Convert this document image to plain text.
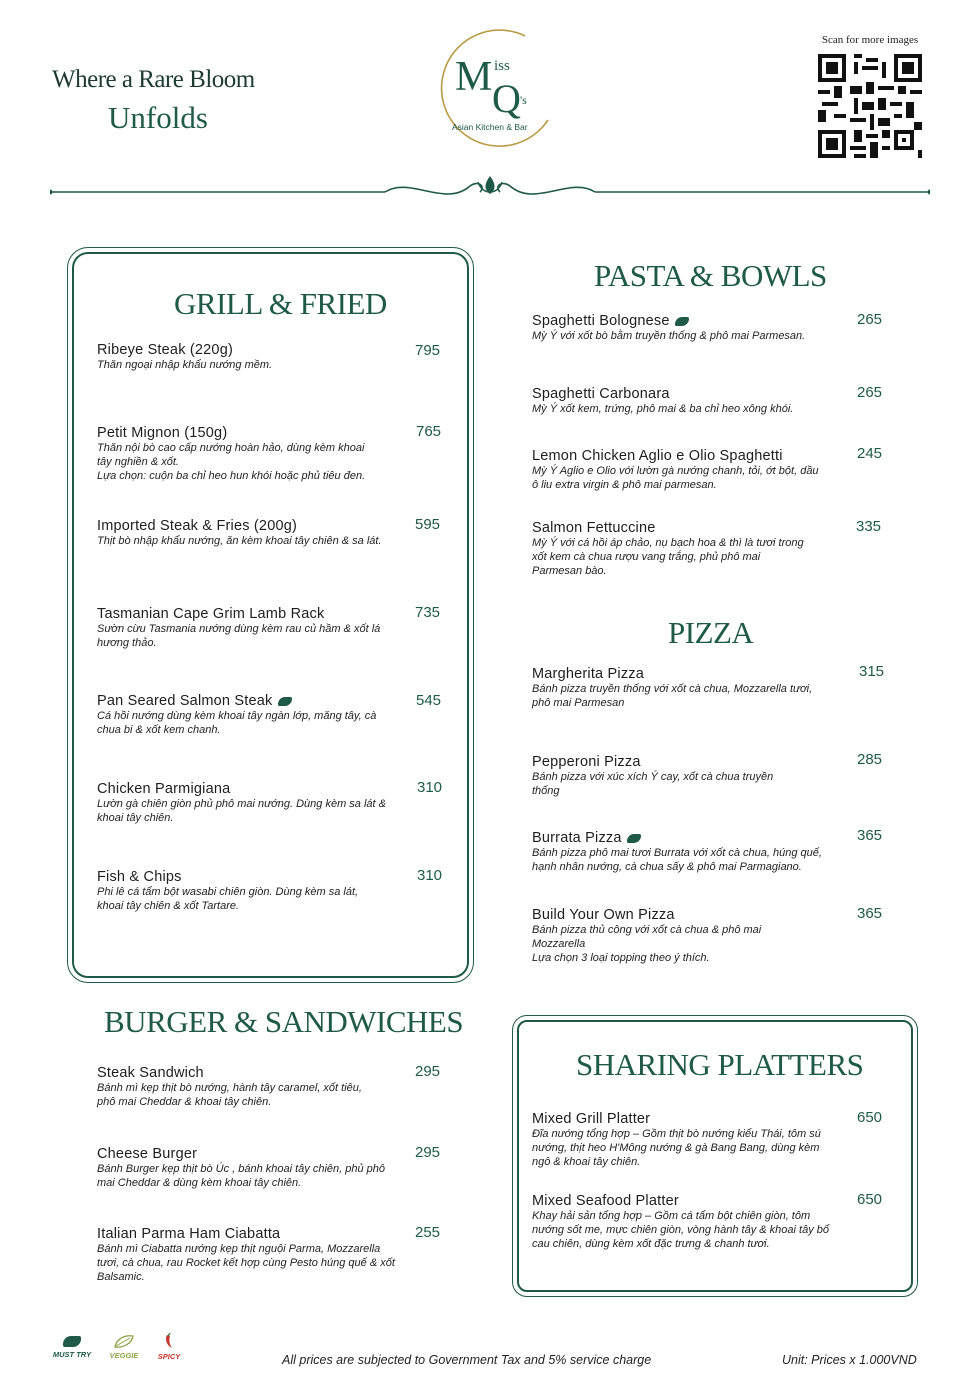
Where a Rare Bloom
Unfolds
M iss
Q 's
Asian Kitchen & Bar
Scan for more images
GRILL & FRIED
Ribeye Steak (220g)
Thăn ngoại nhập khẩu nướng mềm.
795
Petit Mignon (150g)
Thăn nội bò cao cấp nướng hoàn hảo, dùng kèm khoai tây nghiền & xốt.
Lựa chọn: cuộn ba chỉ heo hun khói hoặc phủ tiêu đen.
765
Imported Steak & Fries (200g)
Thịt bò nhập khẩu nướng, ăn kèm khoai tây chiên & sa lát.
595
Tasmanian Cape Grim Lamb Rack
Sườn cừu Tasmania nướng dùng kèm rau củ hầm & xốt lá hương thảo.
735
Pan Seared Salmon Steak
Cá hồi nướng dùng kèm khoai tây ngàn lớp, măng tây, cà chua bi & xốt kem chanh.
545
Chicken Parmigiana
Lườn gà chiên giòn phủ phô mai nướng. Dùng kèm sa lát & khoai tây chiên.
310
Fish & Chips
Phi lê cá tẩm bột wasabi chiên giòn. Dùng kèm sa lát, khoai tây chiên & xốt Tartare.
310
PASTA & BOWLS
Spaghetti Bolognese
Mỳ Ý với xốt bò bằm truyền thống & phô mai Parmesan.
265
Spaghetti Carbonara
Mỳ Ý xốt kem, trứng, phô mai & ba chỉ heo xông khói.
265
Lemon Chicken Aglio e Olio Spaghetti
Mỳ Ý Aglio e Olio với lườn gà nướng chanh, tỏi, ớt bột, dầu ô liu extra virgin & phô mai parmesan.
245
Salmon Fettuccine
Mỳ Ý với cá hồi áp chảo, nụ bạch hoa & thì là tươi trong xốt kem cà chua rượu vang trắng, phủ phô mai Parmesan bào.
335
PIZZA
Margherita Pizza
Bánh pizza truyền thống với xốt cà chua, Mozzarella tươi, phô mai Parmesan
315
Pepperoni Pizza
Bánh pizza với xúc xích Ý cay, xốt cà chua truyền thống
285
Burrata Pizza
Bánh pizza phô mai tươi Burrata với xốt cà chua, húng quế, hạnh nhân nướng, cà chua sấy & phô mai Parmagiano.
365
Build Your Own Pizza
Bánh pizza thủ công với xốt cà chua & phô mai Mozzarella
Lựa chọn 3 loại topping theo ý thích.
365
BURGER & SANDWICHES
Steak Sandwich
Bánh mì kẹp thịt bò nướng, hành tây caramel, xốt tiêu, phô mai Cheddar & khoai tây chiên.
295
Cheese Burger
Bánh Burger kẹp thịt bò Úc , bánh khoai tây chiên, phủ phô mai Cheddar & dùng kèm khoai tây chiên.
295
Italian Parma Ham Ciabatta
Bánh mì Ciabatta nướng kẹp thịt nguội Parma, Mozzarella tươi, cà chua, rau Rocket kết hợp cùng Pesto húng quế & xốt Balsamic.
255
SHARING PLATTERS
Mixed Grill Platter
Đĩa nướng tổng hợp – Gồm thịt bò nướng kiểu Thái, tôm sú nướng, thịt heo H'Mông nướng & gà Bang Bang, dùng kèm ngô & khoai tây chiên.
650
Mixed Seafood Platter
Khay hải sản tổng hợp – Gồm cá tẩm bột chiên giòn, tôm nướng sốt me, mực chiên giòn, vòng hành tây & khoai tây bổ cau chiên, dùng kèm xốt đặc trưng & chanh tươi.
650
MUST TRY	VEGGIE	SPICY	All prices are subjected to Government Tax and 5% service charge	Unit: Prices x 1.000VND
